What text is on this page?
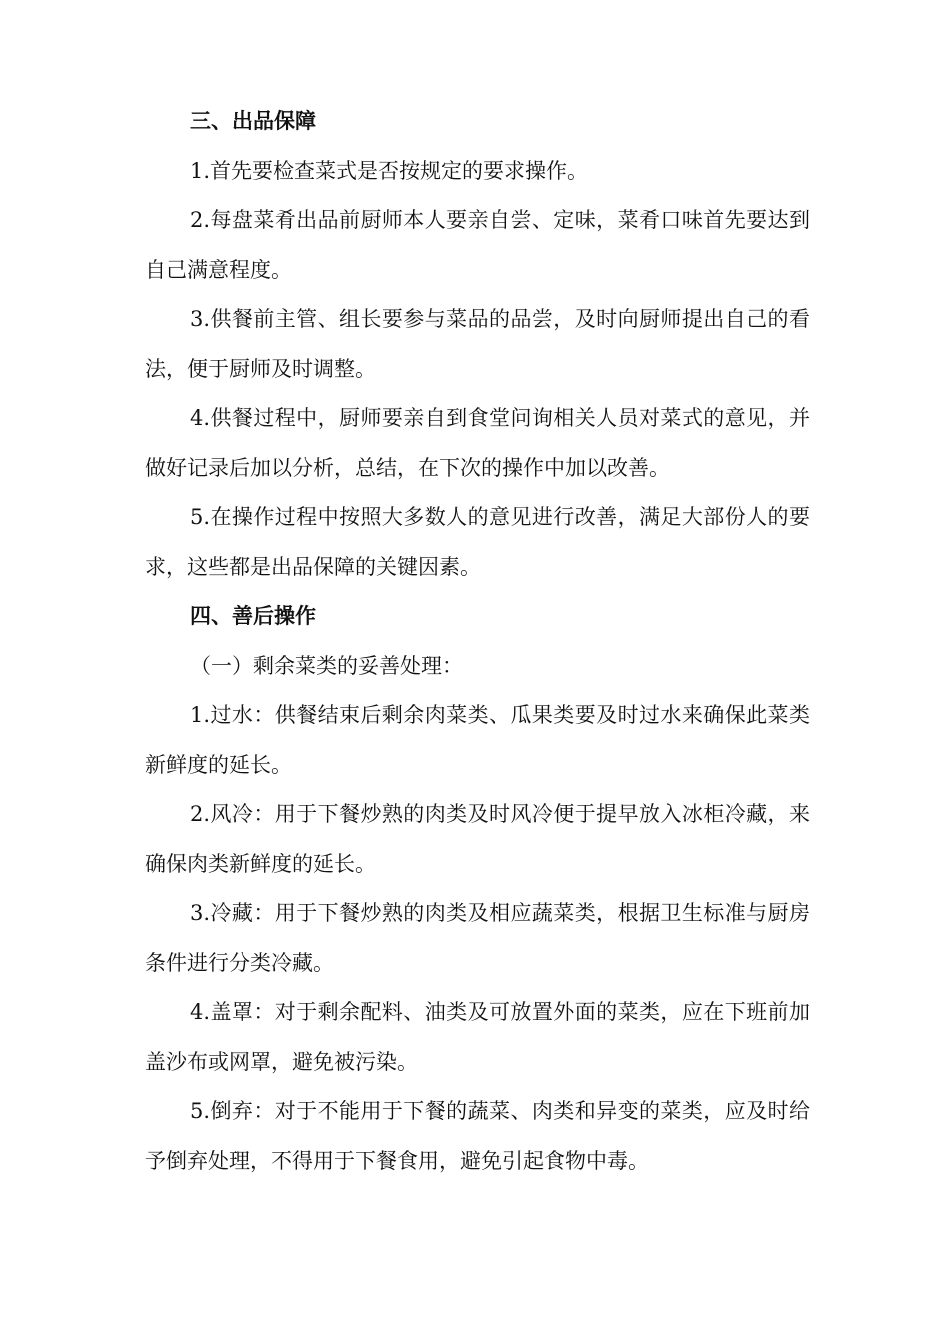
三、出品保障

1.首先要检查菜式是否按规定的要求操作。

2.每盘菜肴出品前厨师本人要亲自尝、定味，菜肴口味首先要达到自己满意程度。

3.供餐前主管、组长要参与菜品的品尝，及时向厨师提出自己的看法，便于厨师及时调整。

4.供餐过程中，厨师要亲自到食堂问询相关人员对菜式的意见，并做好记录后加以分析，总结，在下次的操作中加以改善。

5.在操作过程中按照大多数人的意见进行改善，满足大部份人的要求，这些都是出品保障的关键因素。

四、善后操作

（一）剩余菜类的妥善处理：

1.过水：供餐结束后剩余肉菜类、瓜果类要及时过水来确保此菜类新鲜度的延长。

2.风冷：用于下餐炒熟的肉类及时风冷便于提早放入冰柜冷藏，来确保肉类新鲜度的延长。

3.冷藏：用于下餐炒熟的肉类及相应蔬菜类，根据卫生标准与厨房条件进行分类冷藏。

4.盖罩：对于剩余配料、油类及可放置外面的菜类，应在下班前加盖沙布或网罩，避免被污染。

5.倒弃：对于不能用于下餐的蔬菜、肉类和异变的菜类，应及时给予倒弃处理，不得用于下餐食用，避免引起食物中毒。
